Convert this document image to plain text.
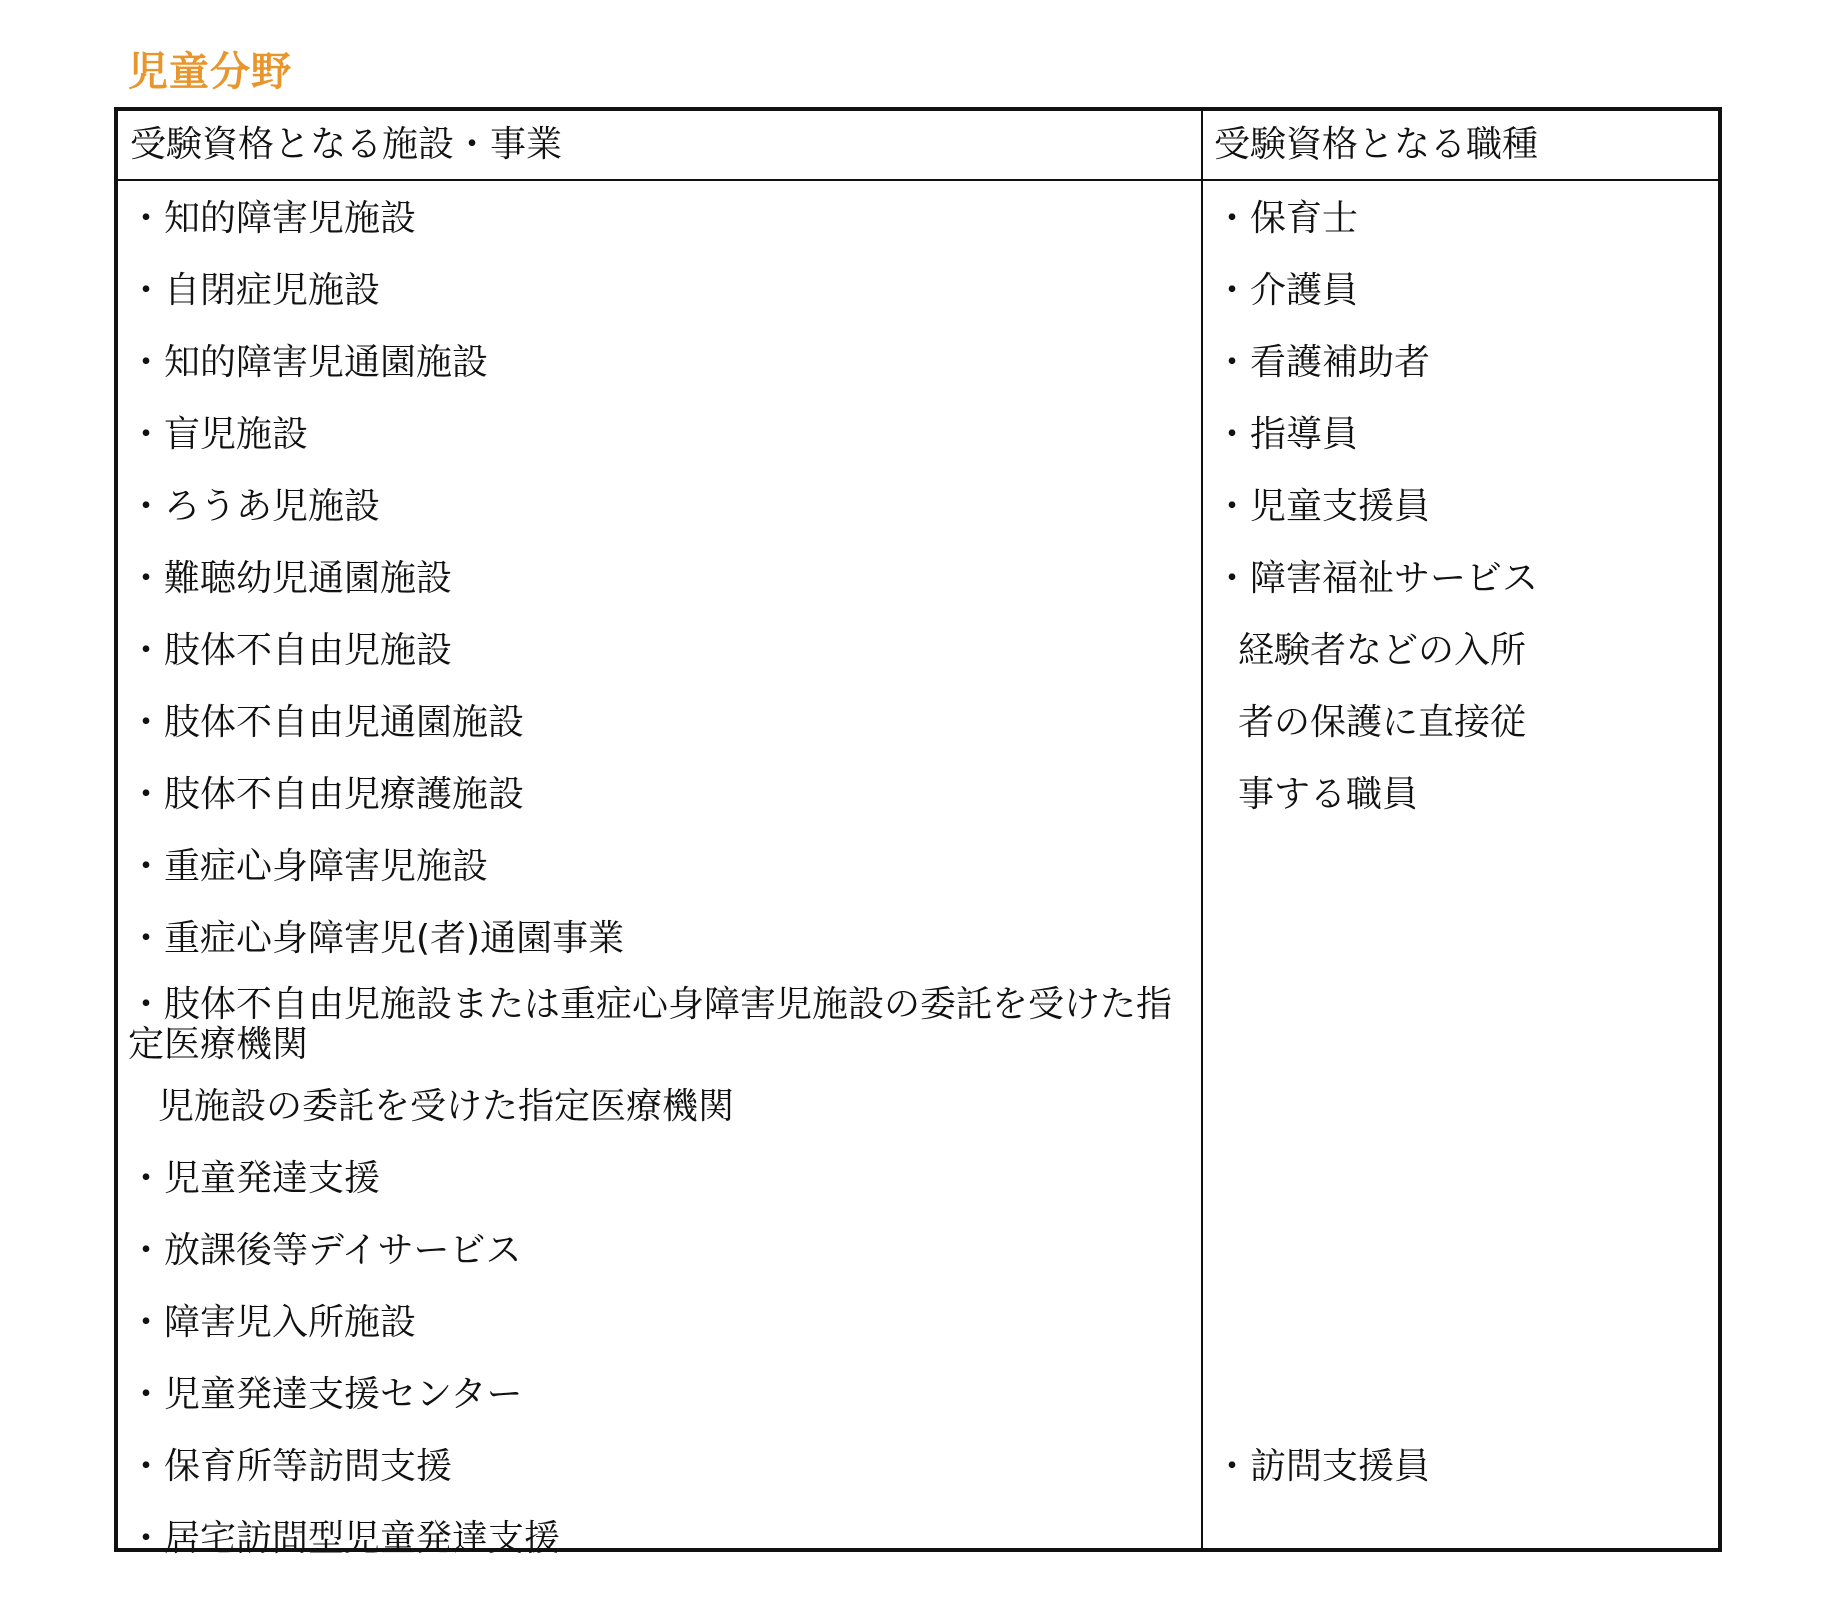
児童分野
受験資格となる施設・事業	受験資格となる職種
・知的障害児施設
・自閉症児施設
・知的障害児通園施設
・盲児施設
・ろうあ児施設
・難聴幼児通園施設
・肢体不自由児施設
・肢体不自由児通園施設
・肢体不自由児療護施設
・重症心身障害児施設
・重症心身障害児(者)通園事業
・肢体不自由児施設または重症心身障害児施設の委託を受けた指定医療機関
児施設の委託を受けた指定医療機関
・児童発達支援
・放課後等デイサービス
・障害児入所施設
・児童発達支援センター
・保育所等訪問支援
・居宅訪問型児童発達支援
・保育士
・介護員
・看護補助者
・指導員
・児童支援員
・障害福祉サービス
経験者などの入所
者の保護に直接従
事する職員
・訪問支援員
